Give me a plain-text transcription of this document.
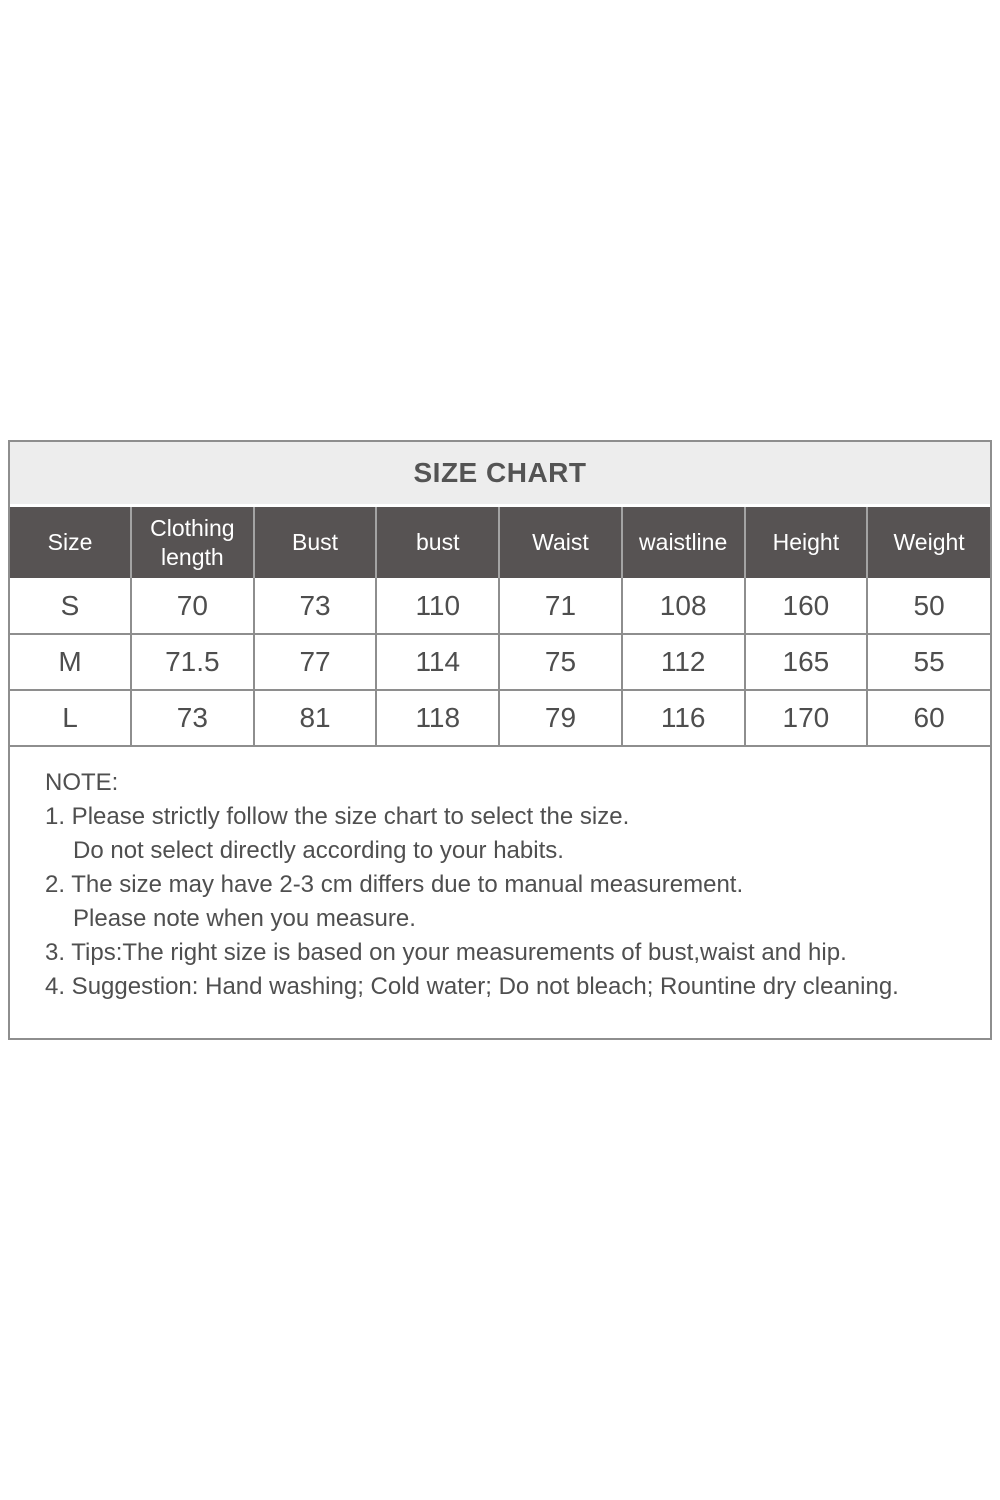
SIZE CHART
Size	Clothing length	Bust	bust	Waist	waistline	Height	Weight
S	70	73	110	71	108	160	50
M	71.5	77	114	75	112	165	55
L	73	81	118	79	116	170	60
NOTE:
1. Please strictly follow the size chart to select the size.
Do not select directly according to your habits.
2. The size may have 2-3 cm differs due to manual measurement.
Please note when you measure.
3. Tips:The right size is based on your measurements of bust,waist and hip.
4. Suggestion: Hand washing; Cold water; Do not bleach; Rountine dry cleaning.
